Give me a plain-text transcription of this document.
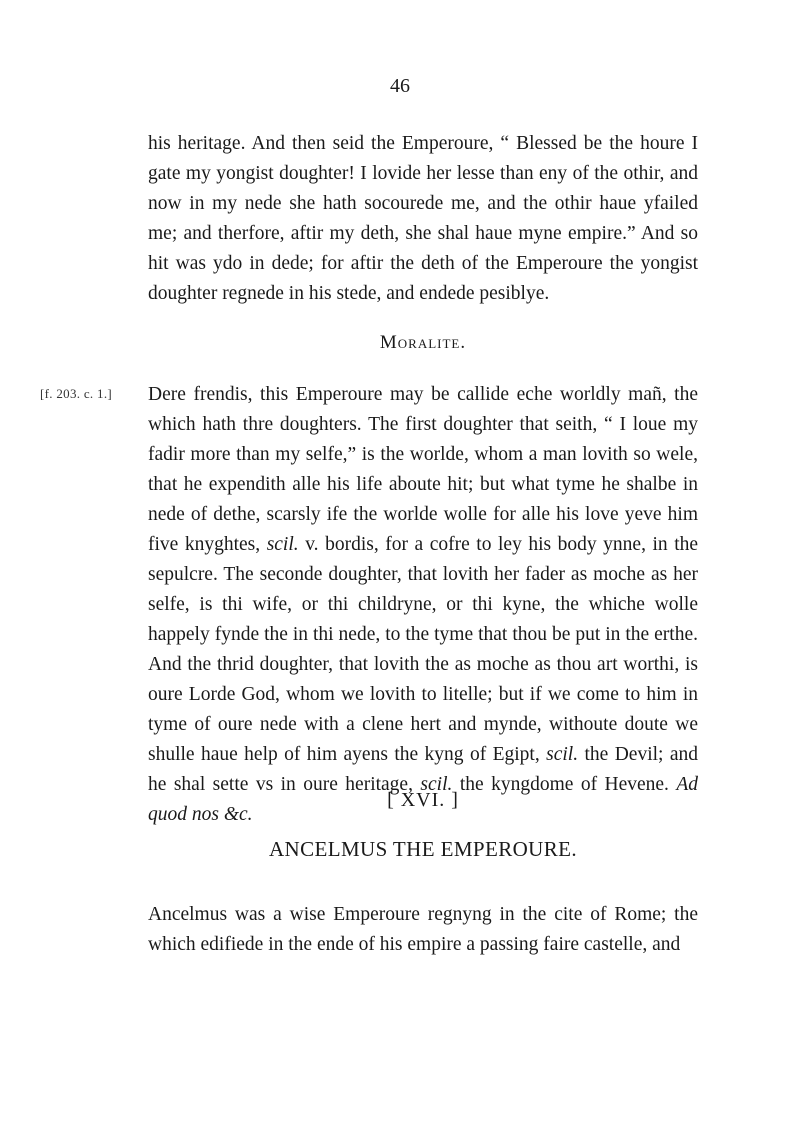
46

his heritage. And then seid the Emperoure, “ Blessed be the houre I gate my yongist doughter! I lovide her lesse than eny of the othir, and now in my nede she hath socourede me, and the othir haue yfailed me; and therfore, aftir my deth, she shal haue myne empire.” And so hit was ydo in dede; for aftir the deth of the Emperoure the yongist doughter regnede in his stede, and endede pesiblye.

Moralite.
[f. 203. c. 1.] Dere frendis, this Emperoure may be callide eche worldly mañ, the which hath thre doughters. The first doughter that seith, “ I loue my fadir more than my selfe,” is the worlde, whom a man lovith so wele, that he expendith alle his life aboute hit; but what tyme he shalbe in nede of dethe, scarsly ife the worlde wolle for alle his love yeve him five knyghtes, scil. v. bordis, for a cofre to ley his body ynne, in the sepulcre. The seconde doughter, that lovith her fader as moche as her selfe, is thi wife, or thi childryne, or thi kyne, the whiche wolle happely fynde the in thi nede, to the tyme that thou be put in the erthe. And the thrid doughter, that lovith the as moche as thou art worthi, is oure Lorde God, whom we lovith to litelle; but if we come to him in tyme of oure nede with a clene hert and mynde, withoute doute we shulle haue help of him ayens the kyng of Egipt, scil. the Devil; and he shal sette vs in oure heritage, scil. the kyngdome of Hevene. Ad quod nos &c.

[ XVI. ]
ANCELMUS THE EMPEROURE.

Ancelmus was a wise Emperoure regnyng in the cite of Rome; the which edifiede in the ende of his empire a passing faire castelle, and
